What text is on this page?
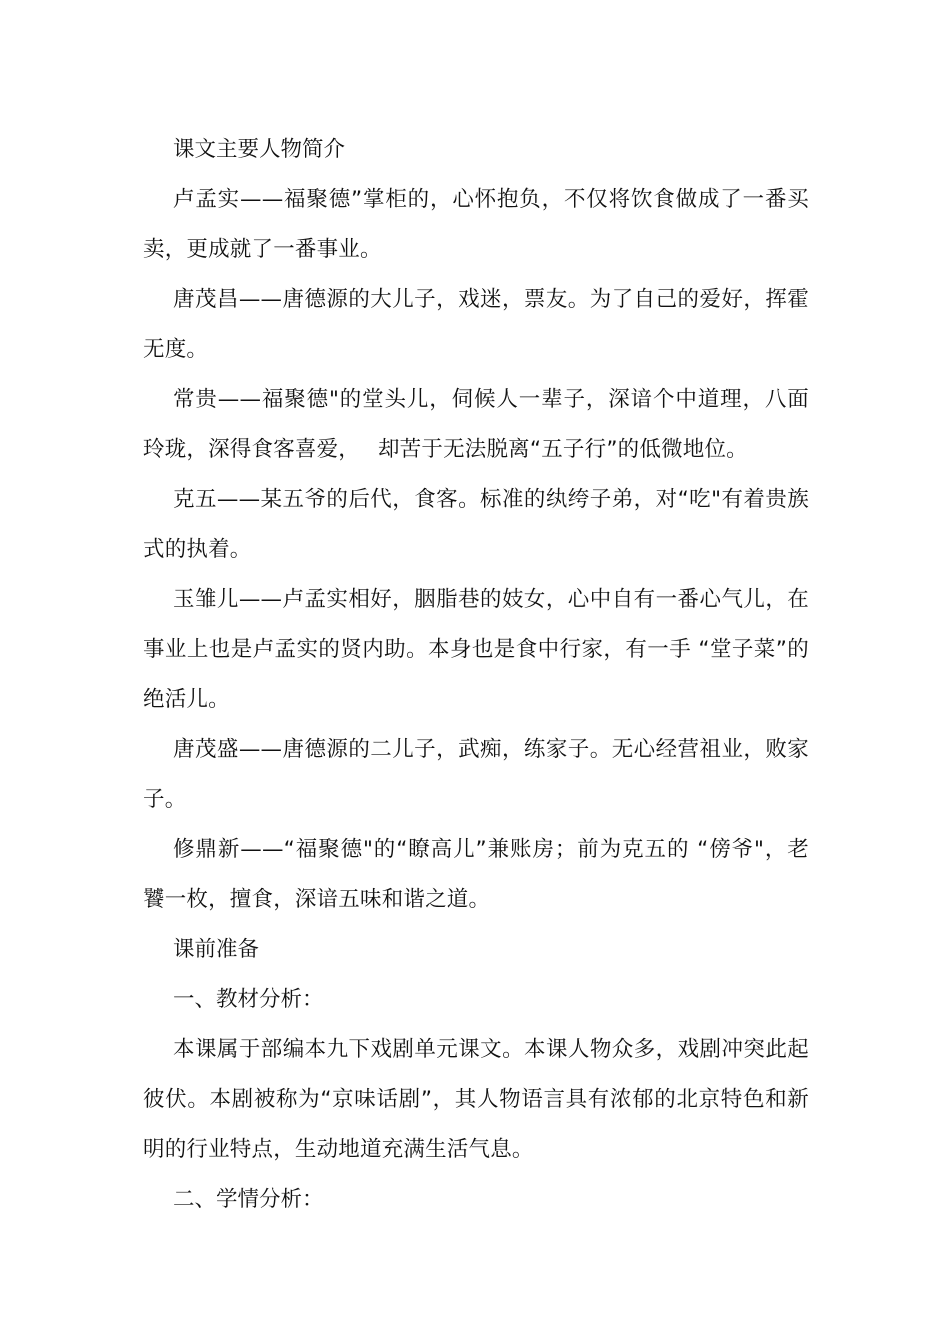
课文主要人物简介

卢孟实——福聚德”掌柜的，心怀抱负，不仅将饮食做成了一番买卖，更成就了一番事业。

唐茂昌——唐德源的大儿子，戏迷，票友。为了自己的爱好，挥霍无度。

常贵——福聚德"的堂头儿，伺候人一辈子，深谙个中道理，八面玲珑，深得食客喜爱，　 却苦于无法脱离“五子行”的低微地位。

克五——某五爷的后代，食客。标准的纨绔子弟，对“吃"有着贵族式的执着。

玉雏儿——卢孟实相好，胭脂巷的妓女，心中自有一番心气儿，在事业上也是卢孟实的贤内助。本身也是食中行家，有一手 “堂子菜”的绝活儿。

唐茂盛——唐德源的二儿子，武痴，练家子。无心经营祖业，败家子。

修鼎新——“福聚德"的“瞭高儿”兼账房；前为克五的 “傍爷"，老饕一枚，擅食，深谙五味和谐之道。

课前准备

一、教材分析：

本课属于部编本九下戏剧单元课文。本课人物众多，戏剧冲突此起彼伏。本剧被称为“京味话剧”，其人物语言具有浓郁的北京特色和新明的行业特点，生动地道充满生活气息。

二、学情分析：
